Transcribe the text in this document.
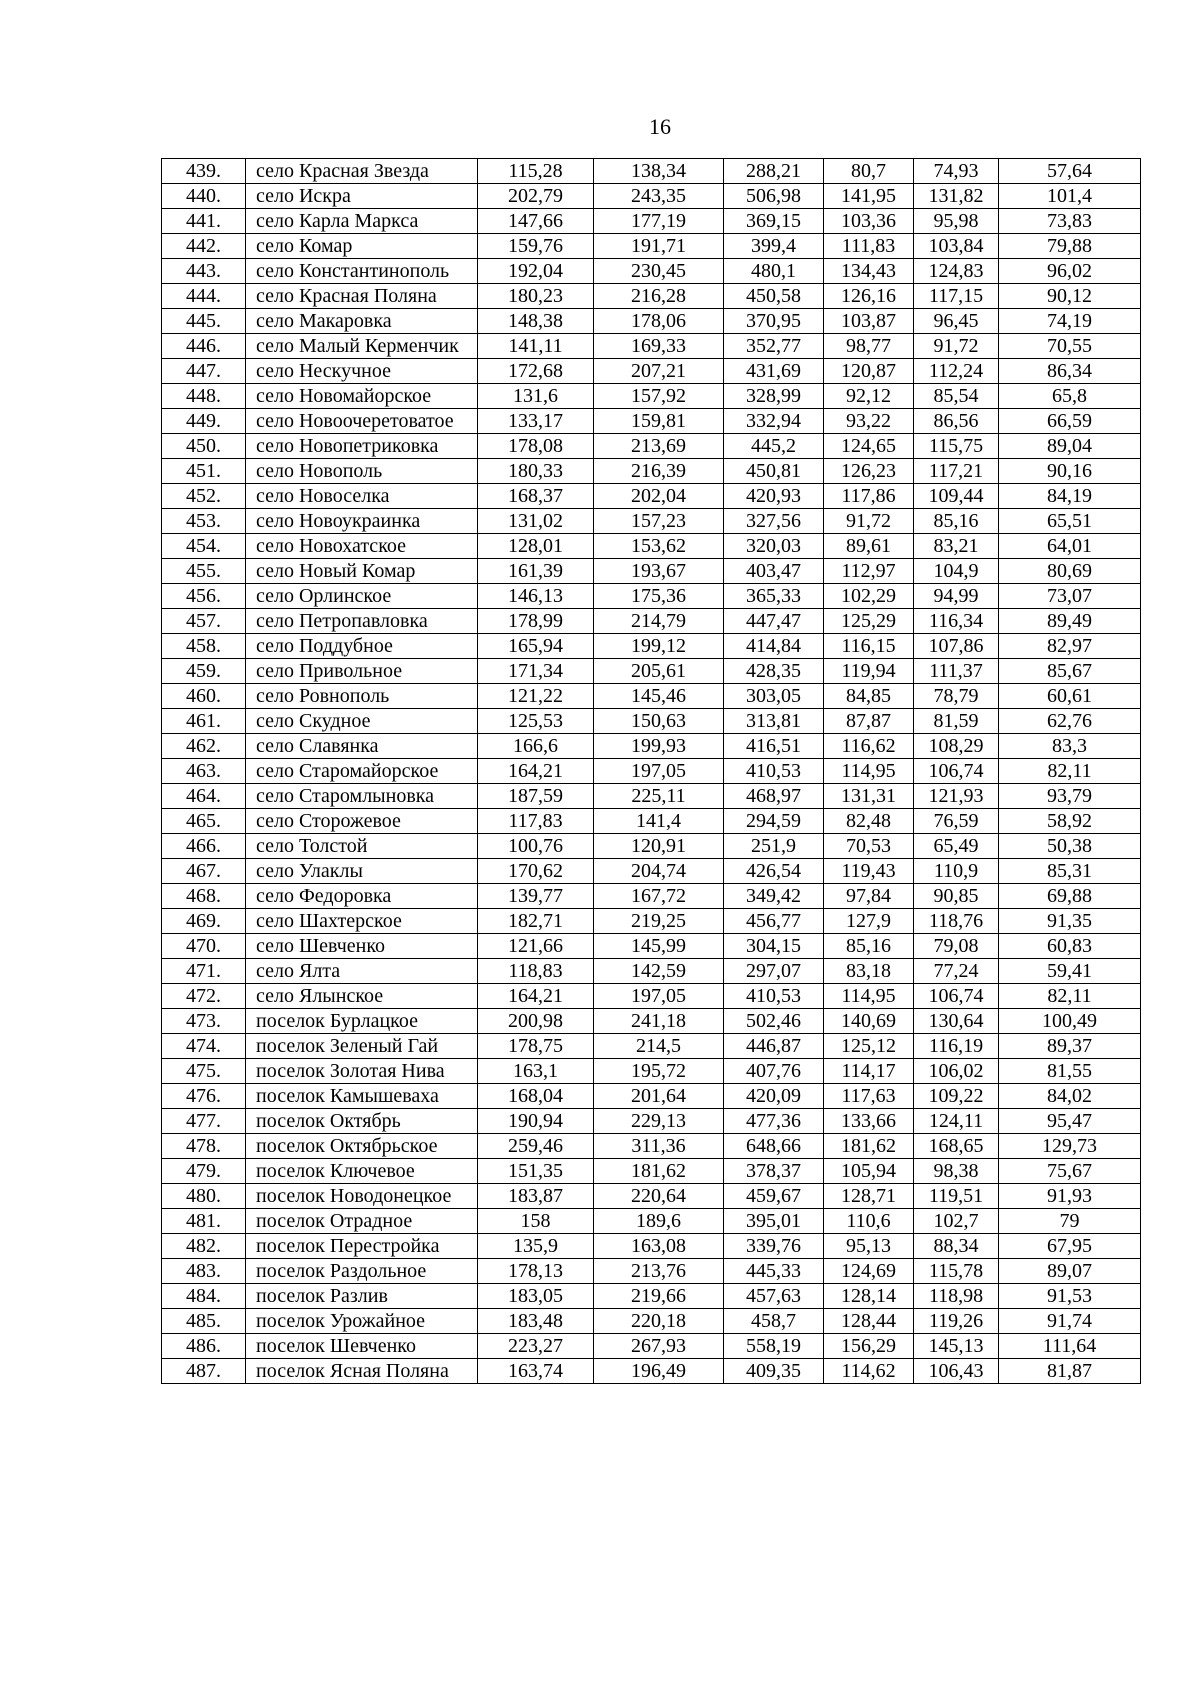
16
439.	село Красная Звезда	115,28	138,34	288,21	80,7	74,93	57,64
440.	село Искра	202,79	243,35	506,98	141,95	131,82	101,4
441.	село Карла Маркса	147,66	177,19	369,15	103,36	95,98	73,83
442.	село Комар	159,76	191,71	399,4	111,83	103,84	79,88
443.	село Константинополь	192,04	230,45	480,1	134,43	124,83	96,02
444.	село Красная Поляна	180,23	216,28	450,58	126,16	117,15	90,12
445.	село Макаровка	148,38	178,06	370,95	103,87	96,45	74,19
446.	село Малый Керменчик	141,11	169,33	352,77	98,77	91,72	70,55
447.	село Нескучное	172,68	207,21	431,69	120,87	112,24	86,34
448.	село Новомайорское	131,6	157,92	328,99	92,12	85,54	65,8
449.	село Новоочеретоватое	133,17	159,81	332,94	93,22	86,56	66,59
450.	село Новопетриковка	178,08	213,69	445,2	124,65	115,75	89,04
451.	село Новополь	180,33	216,39	450,81	126,23	117,21	90,16
452.	село Новоселка	168,37	202,04	420,93	117,86	109,44	84,19
453.	село Новоукраинка	131,02	157,23	327,56	91,72	85,16	65,51
454.	село Новохатское	128,01	153,62	320,03	89,61	83,21	64,01
455.	село Новый Комар	161,39	193,67	403,47	112,97	104,9	80,69
456.	село Орлинское	146,13	175,36	365,33	102,29	94,99	73,07
457.	село Петропавловка	178,99	214,79	447,47	125,29	116,34	89,49
458.	село Поддубное	165,94	199,12	414,84	116,15	107,86	82,97
459.	село Привольное	171,34	205,61	428,35	119,94	111,37	85,67
460.	село Ровнополь	121,22	145,46	303,05	84,85	78,79	60,61
461.	село Скудное	125,53	150,63	313,81	87,87	81,59	62,76
462.	село Славянка	166,6	199,93	416,51	116,62	108,29	83,3
463.	село Старомайорское	164,21	197,05	410,53	114,95	106,74	82,11
464.	село Старомлыновка	187,59	225,11	468,97	131,31	121,93	93,79
465.	село Сторожевое	117,83	141,4	294,59	82,48	76,59	58,92
466.	село Толстой	100,76	120,91	251,9	70,53	65,49	50,38
467.	село Улаклы	170,62	204,74	426,54	119,43	110,9	85,31
468.	село Федоровка	139,77	167,72	349,42	97,84	90,85	69,88
469.	село Шахтерское	182,71	219,25	456,77	127,9	118,76	91,35
470.	село Шевченко	121,66	145,99	304,15	85,16	79,08	60,83
471.	село Ялта	118,83	142,59	297,07	83,18	77,24	59,41
472.	село Ялынское	164,21	197,05	410,53	114,95	106,74	82,11
473.	поселок Бурлацкое	200,98	241,18	502,46	140,69	130,64	100,49
474.	поселок Зеленый Гай	178,75	214,5	446,87	125,12	116,19	89,37
475.	поселок Золотая Нива	163,1	195,72	407,76	114,17	106,02	81,55
476.	поселок Камышеваха	168,04	201,64	420,09	117,63	109,22	84,02
477.	поселок Октябрь	190,94	229,13	477,36	133,66	124,11	95,47
478.	поселок Октябрьское	259,46	311,36	648,66	181,62	168,65	129,73
479.	поселок Ключевое	151,35	181,62	378,37	105,94	98,38	75,67
480.	поселок Новодонецкое	183,87	220,64	459,67	128,71	119,51	91,93
481.	поселок Отрадное	158	189,6	395,01	110,6	102,7	79
482.	поселок Перестройка	135,9	163,08	339,76	95,13	88,34	67,95
483.	поселок Раздольное	178,13	213,76	445,33	124,69	115,78	89,07
484.	поселок Разлив	183,05	219,66	457,63	128,14	118,98	91,53
485.	поселок Урожайное	183,48	220,18	458,7	128,44	119,26	91,74
486.	поселок Шевченко	223,27	267,93	558,19	156,29	145,13	111,64
487.	поселок Ясная Поляна	163,74	196,49	409,35	114,62	106,43	81,87
